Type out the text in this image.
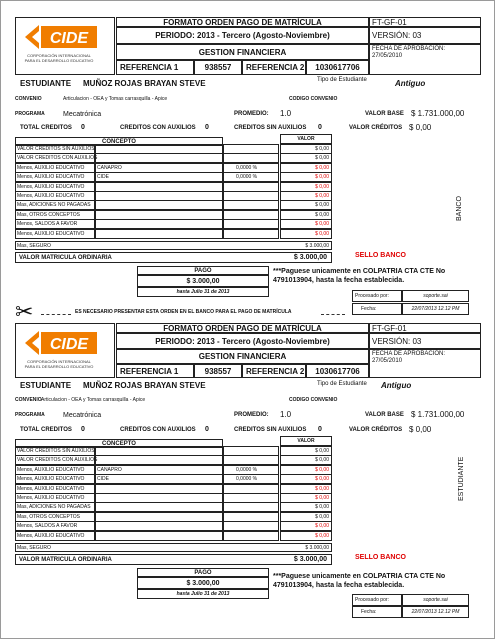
CIDE
CORPORACIÓN INTERNACIONAL
PARA EL DESARROLLO EDUCATIVO
FORMATO ORDEN PAGO DE MATRÍCULA
PERIODO: 2013 - Tercero (Agosto-Noviembre)
GESTION FINANCIERA
REFERENCIA 1	938557	REFERENCIA 2	1030617706
FT-GF-01
VERSIÓN: 03
FECHA DE APROBACIÓN:
27/05/2010
ESTUDIANTE MUÑOZ ROJAS BRAYAN STEVE	Tipo de Estudiante	Antiguo
CONVENIO	Articulacion - OEA y Tomas carrasquilla - Apice	CODIGO CONVENIO
PROGRAMA	Mecatrónica	PROMEDIO: 1.0	VALOR BASE $ 1.731.000,00
TOTAL CREDITOS 0	CREDITOS CON AUXILIOS 0	CREDITOS SIN AUXILIOS 0	VALOR CRÉDITOS $ 0,00
CONCEPTO	VALOR
VALOR CREDITOS SIN AUXILIOS	$ 0,00
VALOR CREDITOS CON AUXILIOS	$ 0,00
Menos, AUXILIO EDUCATIVO	CANAPRO	0,0000 %	$ 0,00
Menos, AUXILIO EDUCATIVO	CIDE	0,0000 %	$ 0,00
Menos, AUXILIO EDUCATIVO	$ 0,00
Menos, AUXILIO EDUCATIVO	$ 0,00
Mas, ADICIONES NO PAGADAS	$ 0,00
Mas, OTROS CONCEPTOS	$ 0,00
Menos, SALDOS A FAVOR	$ 0,00
Menos, AUXILIO EDUCATIVO	$ 0,00
Mas, SEGURO	$ 3.000,00
VALOR MATRICULA ORDINARIA	$ 3.000,00	SELLO BANCO
PAGO
$ 3.000,00
hasta Julio 31 de 2013
***Paguese unicamente en COLPATRIA CTA CTE No 4791013904, hasta la fecha establecida.
Procesado por:	soporte.sai
Fecha:	22/07/2013 12.12 PM
BANCO
✂	ES NECESARIO PRESENTAR ESTA ORDEN EN EL BANCO PARA EL PAGO DE MATRÍCULA
CIDE
CORPORACIÓN INTERNACIONAL
PARA EL DESARROLLO EDUCATIVO
FORMATO ORDEN PAGO DE MATRÍCULA
PERIODO: 2013 - Tercero (Agosto-Noviembre)
GESTION FINANCIERA
REFERENCIA 1	938557	REFERENCIA 2	1030617706
FT-GF-01
VERSIÓN: 03
FECHA DE APROBACIÓN:
27/05/2010
ESTUDIANTE MUÑOZ ROJAS BRAYAN STEVE	Tipo de Estudiante Antiguo
CONVENIO Articulacion - OEA y Tomas carrasquilla - Apice	CODIGO CONVENIO
PROGRAMA	Mecatrónica	PROMEDIO: 1.0	VALOR BASE $ 1.731.000,00
TOTAL CREDITOS 0	CREDITOS CON AUXILIOS 0	CREDITOS SIN AUXILIOS 0	VALOR CRÉDITOS $ 0,00
CONCEPTO	VALOR
VALOR CREDITOS SIN AUXILIOS	$ 0,00
VALOR CREDITOS CON AUXILIOS	$ 0,00
Menos, AUXILIO EDUCATIVO	CANAPRO	0,0000 %	$ 0,00
Menos, AUXILIO EDUCATIVO	CIDE	0,0000 %	$ 0,00
Menos, AUXILIO EDUCATIVO	$ 0,00
Menos, AUXILIO EDUCATIVO	$ 0,00
Mas, ADICIONES NO PAGADAS	$ 0,00
Mas, OTROS CONCEPTOS	$ 0,00
Menos, SALDOS A FAVOR	$ 0,00
Menos, AUXILIO EDUCATIVO	$ 0,00
Mas, SEGURO	$ 3.000,00
VALOR MATRICULA ORDINARIA	$ 3.000,00	SELLO BANCO
PAGO
$ 3.000,00
hasta Julio 31 de 2013
***Paguese unicamente en COLPATRIA CTA CTE No 4791013904, hasta la fecha establecida.
Procesado por:	soporte.sai
Fecha:	22/07/2013 12.12 PM
ESTUDIANTE
